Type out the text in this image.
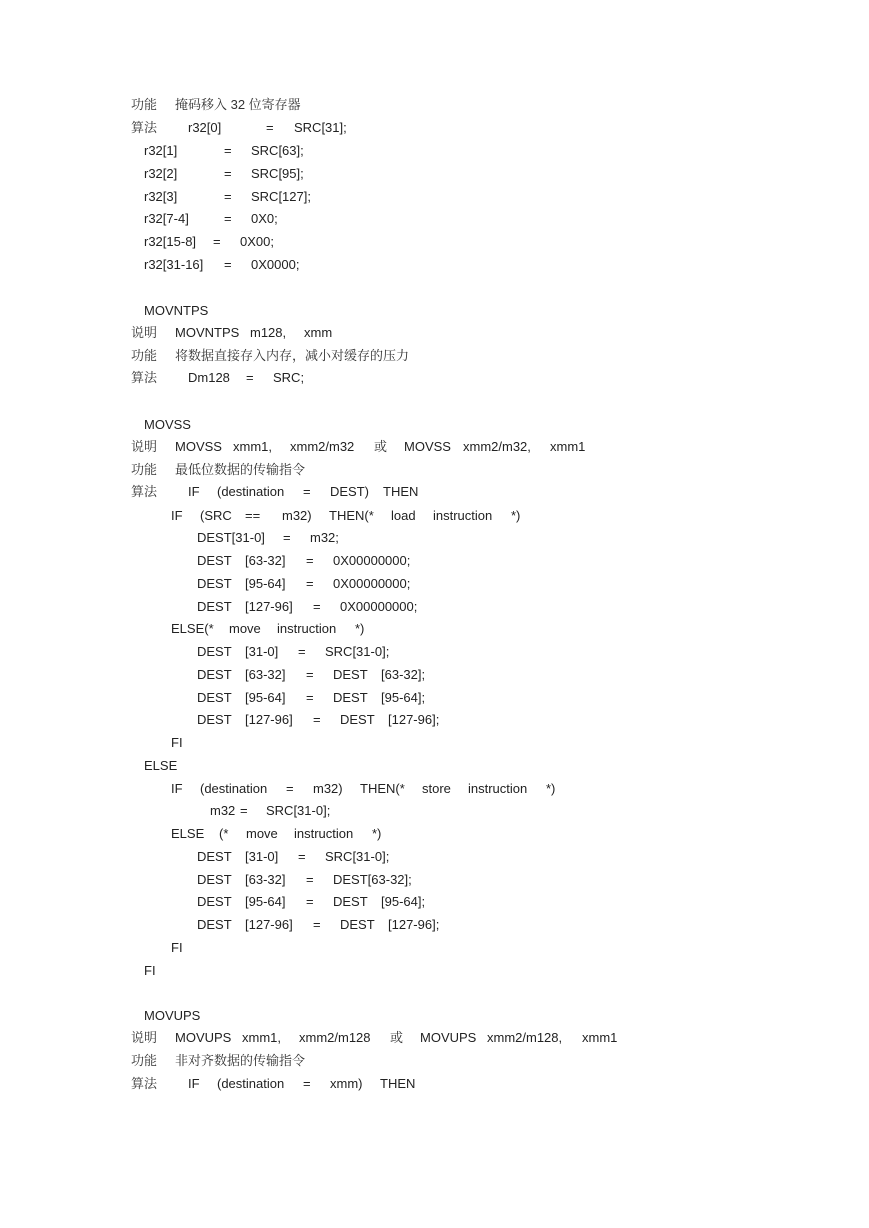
功能 掩码移入 32 位寄存器
算法 r32[0]	= SRC[31];
r32[1]	= SRC[63];
r32[2]	= SRC[95];
r32[3]	= SRC[127];
r32[7-4]	= 0X0;
r32[15-8] = 0X00;
r32[31-16] = 0X0000;
MOVNTPS
说明 MOVNTPS m128, xmm
功能 将数据直接存入内存，减小对缓存的压力
算法 Dm128 = SRC;
MOVSS
说明 MOVSS xmm1, xmm2/m32 或 MOVSS xmm2/m32, xmm1
功能 最低位数据的传输指令
算法 IF (destination = DEST) THEN
IF (SRC == m32) THEN(* load instruction *)
DEST[31-0] = m32;
DEST [63-32] = 0X00000000;
DEST [95-64] = 0X00000000;
DEST [127-96] = 0X00000000;
ELSE(* move instruction *)
DEST [31-0] = SRC[31-0];
DEST [63-32] = DEST [63-32];
DEST [95-64] = DEST [95-64];
DEST [127-96] = DEST [127-96];
FI
ELSE
IF (destination = m32) THEN(* store instruction *)
m32 = SRC[31-0];
ELSE (* move instruction *)
DEST [31-0] = SRC[31-0];
DEST [63-32] = DEST[63-32];
DEST [95-64] = DEST [95-64];
DEST [127-96] = DEST [127-96];
FI
FI
MOVUPS
说明 MOVUPS xmm1, xmm2/m128 或 MOVUPS xmm2/m128, xmm1
功能 非对齐数据的传输指令
算法 IF (destination = xmm) THEN
